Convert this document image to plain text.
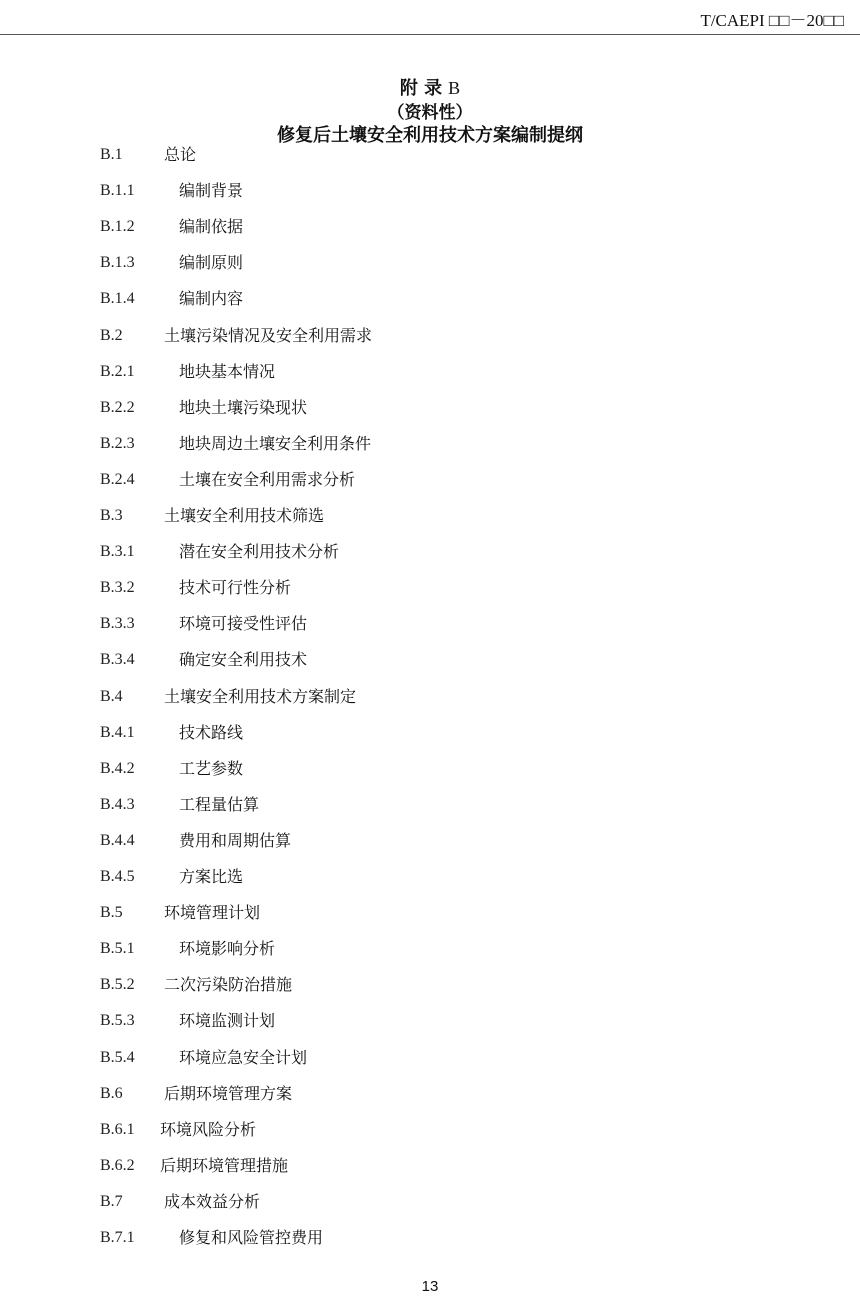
T/CAEPI □□－20□□
附 录 B
（资料性）
修复后土壤安全利用技术方案编制提纲
B.1	总论
B.1.1	编制背景
B.1.2	编制依据
B.1.3	编制原则
B.1.4	编制内容
B.2	土壤污染情况及安全利用需求
B.2.1	地块基本情况
B.2.2	地块土壤污染现状
B.2.3	地块周边土壤安全利用条件
B.2.4	土壤在安全利用需求分析
B.3	土壤安全利用技术筛选
B.3.1	潜在安全利用技术分析
B.3.2	技术可行性分析
B.3.3	环境可接受性评估
B.3.4	确定安全利用技术
B.4	土壤安全利用技术方案制定
B.4.1	技术路线
B.4.2	工艺参数
B.4.3	工程量估算
B.4.4	费用和周期估算
B.4.5	方案比选
B.5	环境管理计划
B.5.1	环境影响分析
B.5.2 二次污染防治措施
B.5.3	环境监测计划
B.5.4	环境应急安全计划
B.6	后期环境管理方案
B.6.1 环境风险分析
B.6.2 后期环境管理措施
B.7	成本效益分析
B.7.1	修复和风险管控费用
13
